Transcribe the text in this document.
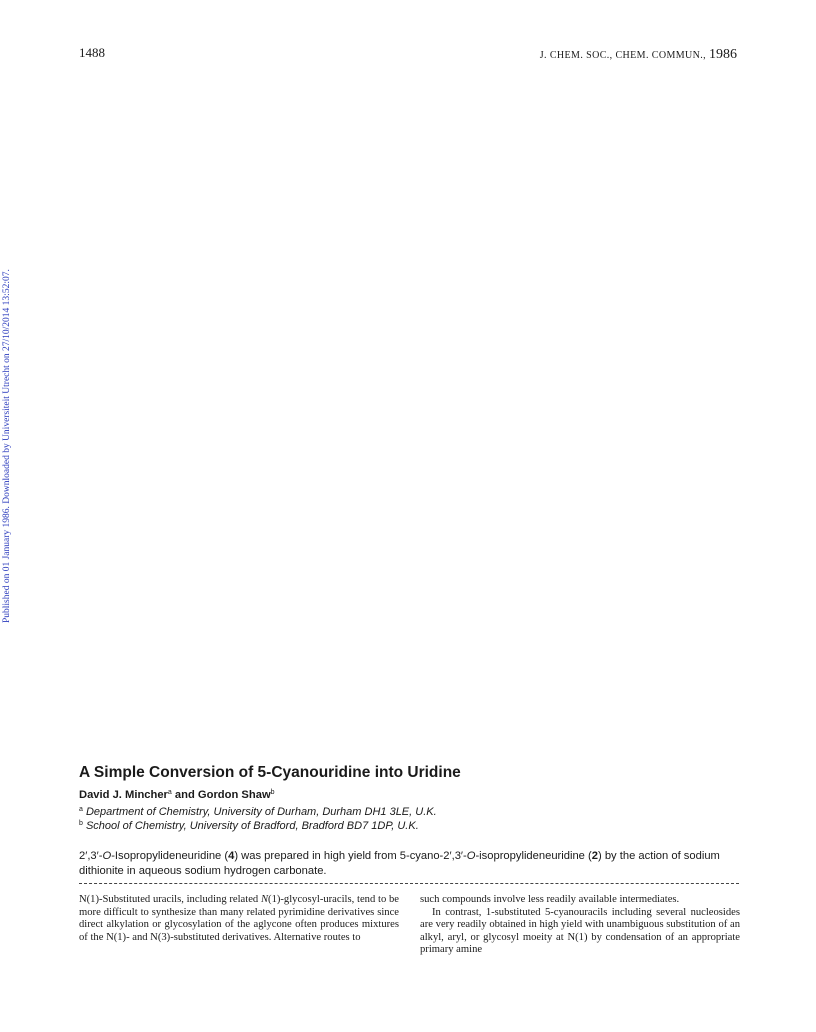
1488	J. CHEM. SOC., CHEM. COMMUN., 1986
Published on 01 January 1986. Downloaded by Universiteit Utrecht on 27/10/2014 13:52:07.
A Simple Conversion of 5-Cyanouridine into Uridine
David J. Mincher$^a$ and Gordon Shaw$^b$
$^a$ Department of Chemistry, University of Durham, Durham DH1 3LE, U.K.
$^b$ School of Chemistry, University of Bradford, Bradford BD7 1DP, U.K.
2′,3′-O-Isopropylideneuridine (4) was prepared in high yield from 5-cyano-2′,3′-O-isopropylideneuridine (2) by the action of sodium dithionite in aqueous sodium hydrogen carbonate.

N(1)-Substituted uracils, including related N(1)-glycosyl-uracils, tend to be more difficult to synthesize than many related pyrimidine derivatives since direct alkylation or glycosylation of the aglycone often produces mixtures of the N(1)- and N(3)-substituted derivatives. Alternative routes to

such compounds involve less readily available intermediates.

In contrast, 1-substituted 5-cyanouracils including several nucleosides are very readily obtained in high yield with unambiguous substitution of an alkyl, aryl, or glycosyl moeity at N(1) by condensation of an appropriate primary amine
